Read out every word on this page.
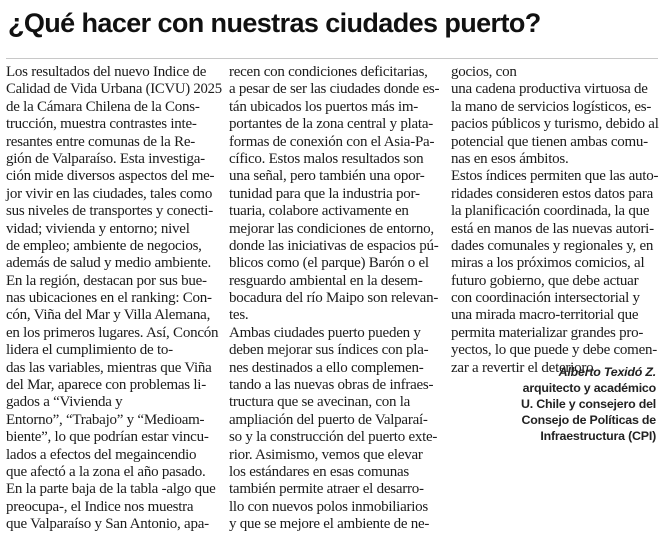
¿Qué hacer con nuestras ciudades puerto?
Los resultados del nuevo Indice de
Calidad de Vida Urbana (ICVU) 2025
de la Cámara Chilena de la Cons-
trucción, muestra contrastes inte-
resantes entre comunas de la Re-
gión de Valparaíso. Esta investiga-
ción mide diversos aspectos del me-
jor vivir en las ciudades, tales como
sus niveles de transportes y conecti-
vidad; vivienda y entorno; nivel
de empleo; ambiente de negocios,
además de salud y medio ambiente.
En la región, destacan por sus bue-
nas ubicaciones en el ranking: Con-
cón, Viña del Mar y Villa Alemana,
en los primeros lugares. Así, Concón
lidera el cumplimiento de to-
das las variables, mientras que Viña
del Mar, aparece con problemas li-
gados a “Vivienda y
Entorno”, “Trabajo” y “Medioam-
biente”, lo que podrían estar vincu-
lados a efectos del megaincendio
que afectó a la zona el año pasado.
En la parte baja de la tabla -algo que
preocupa-, el Indice nos muestra
que Valparaíso y San Antonio, apa-
recen con condiciones deficitarias,
a pesar de ser las ciudades donde es-
tán ubicados los puertos más im-
portantes de la zona central y plata-
formas de conexión con el Asia-Pa-
cífico. Estos malos resultados son
una señal, pero también una opor-
tunidad para que la industria por-
tuaria, colabore activamente en
mejorar las condiciones de entorno,
donde las iniciativas de espacios pú-
blicos como (el parque) Barón o el
resguardo ambiental en la desem-
bocadura del río Maipo son relevan-
tes.
Ambas ciudades puerto pueden y
deben mejorar sus índices con pla-
nes destinados a ello complemen-
tando a las nuevas obras de infraes-
tructura que se avecinan, con la
ampliación del puerto de Valparaí-
so y la construcción del puerto exte-
rior. Asimismo, vemos que elevar
los estándares en esas comunas
también permite atraer el desarro-
llo con nuevos polos inmobiliarios
y que se mejore el ambiente de ne-
gocios, con
una cadena productiva virtuosa de
la mano de servicios logísticos, es-
pacios públicos y turismo, debido al
potencial que tienen ambas comu-
nas en esos ámbitos.
Estos índices permiten que las auto-
ridades consideren estos datos para
la planificación coordinada, la que
está en manos de las nuevas autori-
dades comunales y regionales y, en
miras a los próximos comicios, al
futuro gobierno, que debe actuar
con coordinación intersectorial y
una mirada macro-territorial que
permita materializar grandes pro-
yectos, lo que puede y debe comen-
zar a revertir el deterioro.
Alberto Texidó Z.
arquitecto y académico
U. Chile y consejero del
Consejo de Políticas de
Infraestructura (CPI)
